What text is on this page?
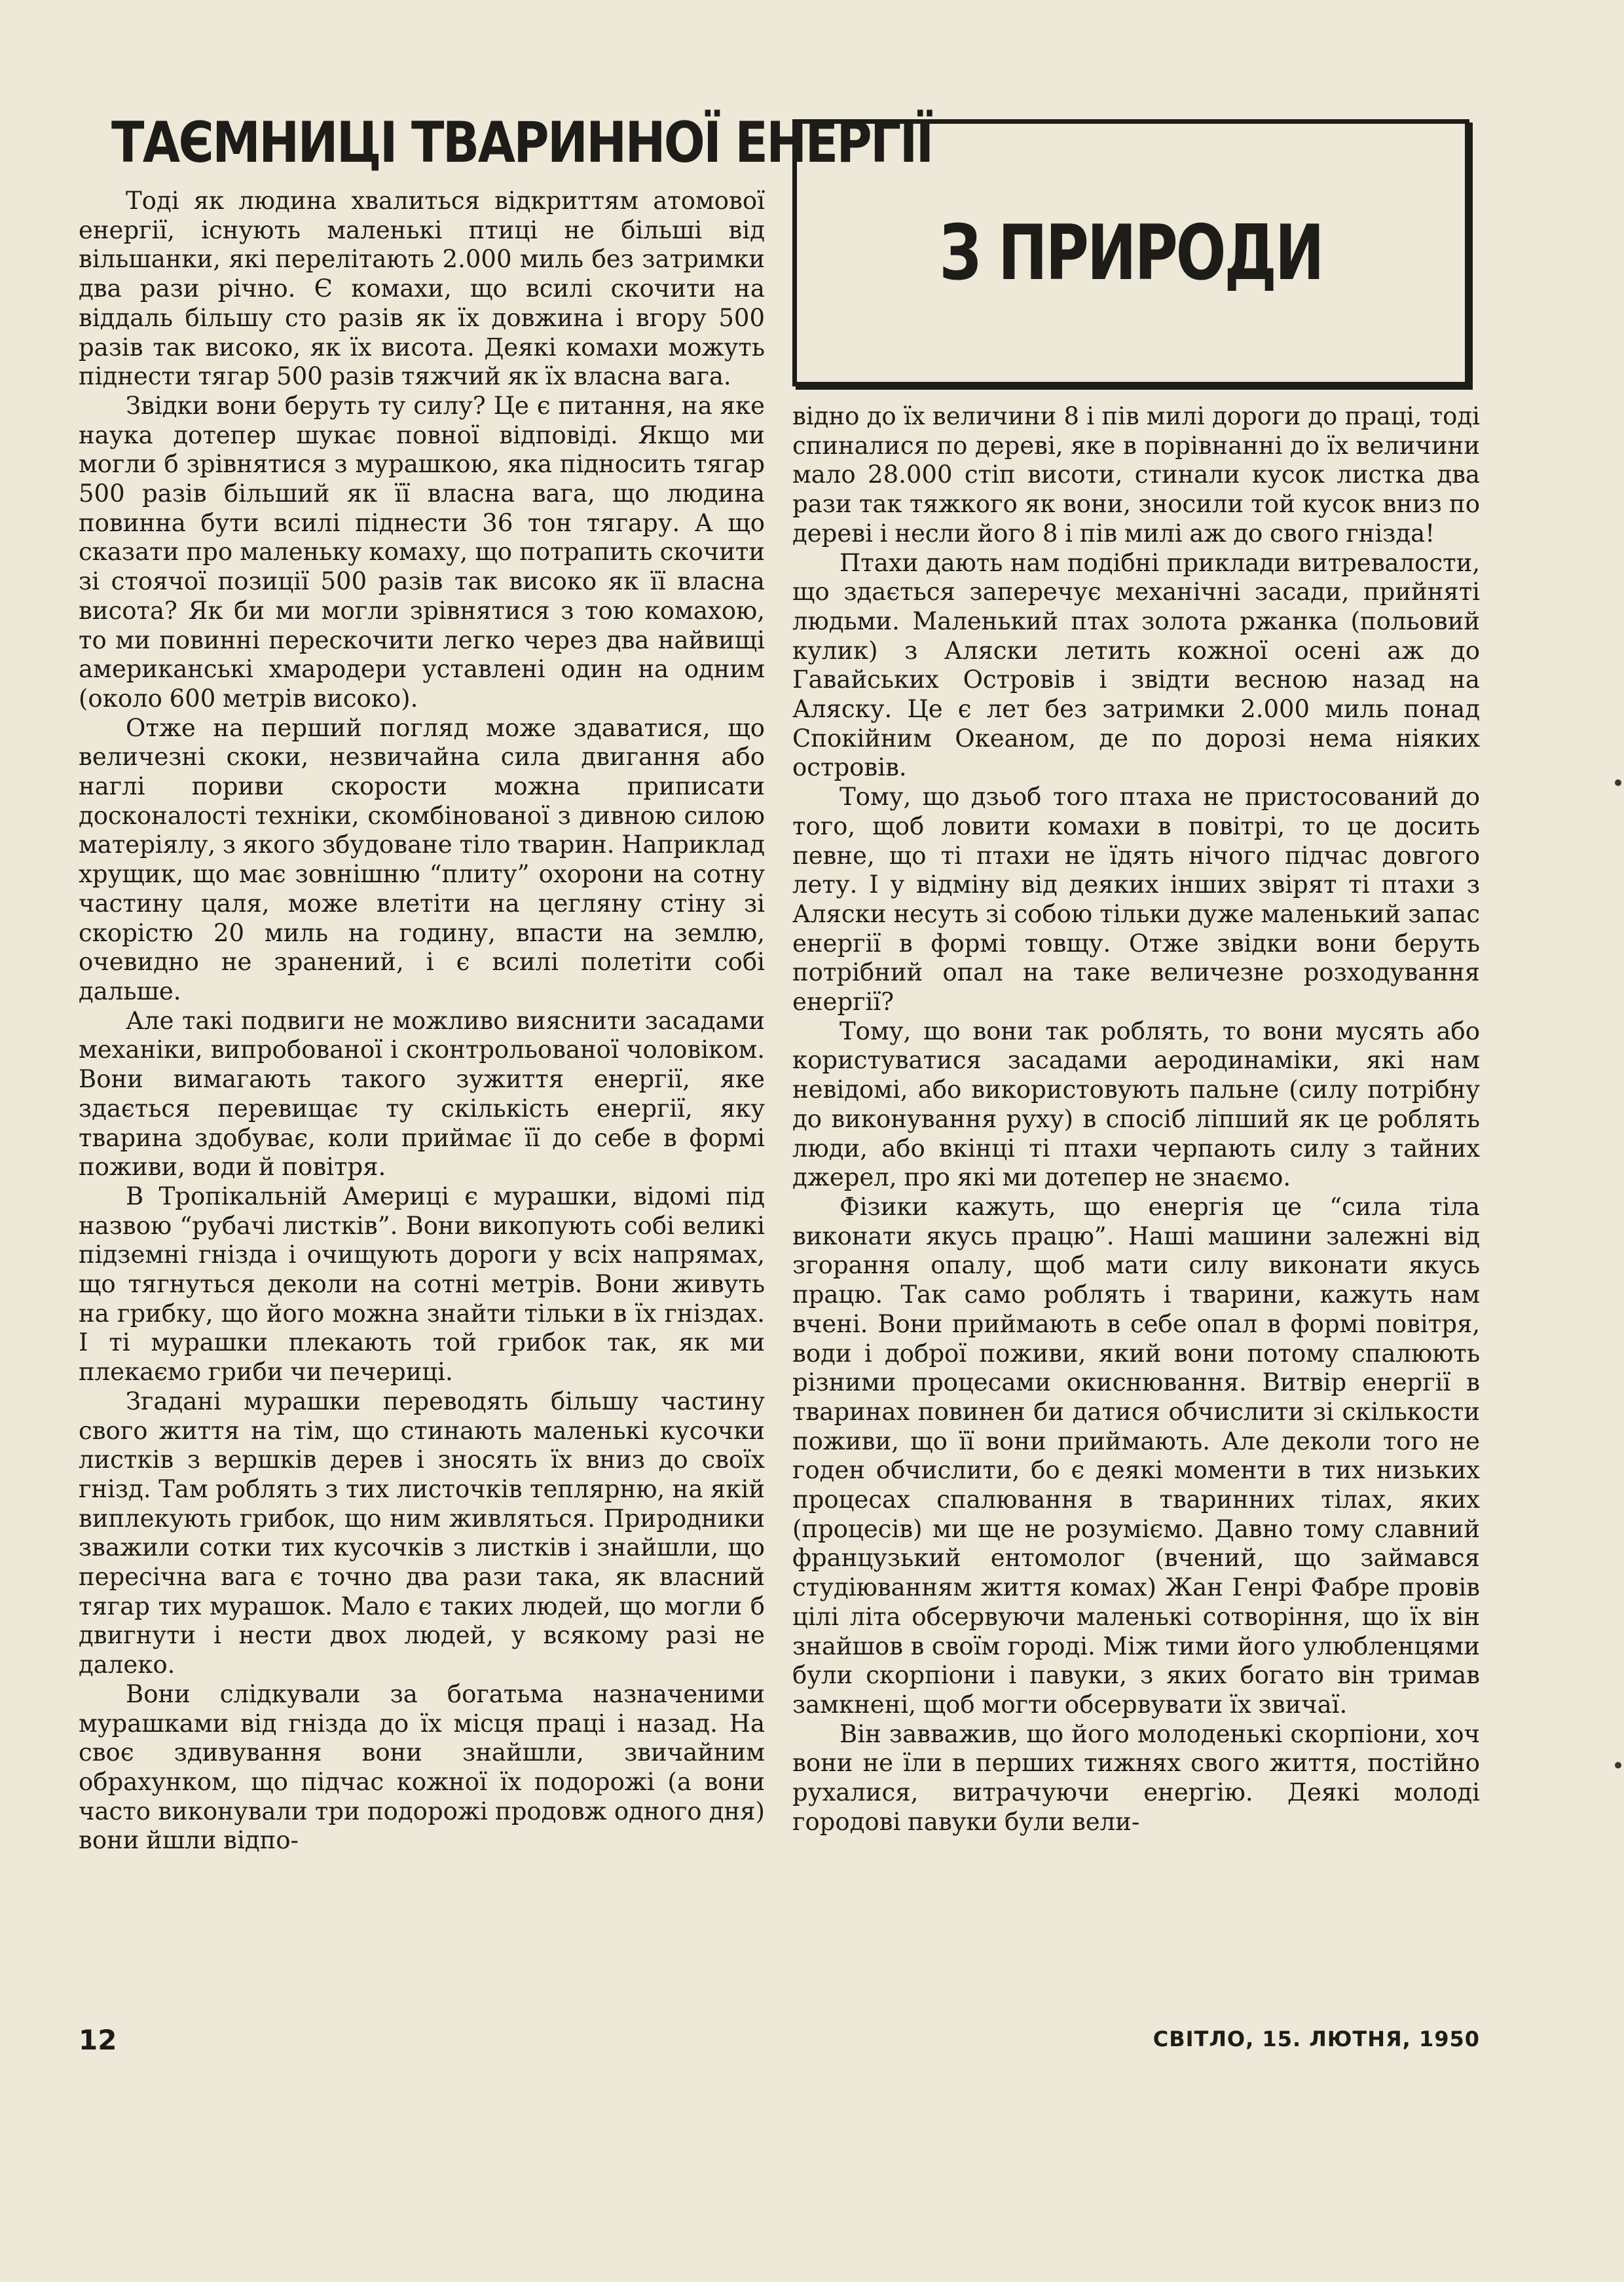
ТАЄМНИЦІ ТВАРИННОЇ ЕНЕРГІЇ
З ПРИРОДИ

Тоді як людина хвалиться відкриттям атомової енергії, існують маленькі птиці не більші від вільшанки, які перелітають 2.000 миль без затримки два рази річно. Є комахи, що всилі скочити на віддаль більшу сто разів як їх довжина і вгору 500 разів так високо, як їх висота. Деякі комахи можуть піднести тягар 500 разів тяжчий як їх власна вага.

Звідки вони беруть ту силу? Це є питання, на яке наука дотепер шукає повної відповіді. Якщо ми могли б зрівнятися з мурашкою, яка підносить тягар 500 разів більший як її власна вага, що людина повинна бути всилі піднести 36 тон тягару. А що сказати про маленьку комаху, що потрапить скочити зі стоячої позиції 500 разів так високо як її власна висота? Як би ми могли зрівнятися з тою комахою, то ми повинні перескочити легко через два найвищі американські хмародери уставлені один на одним (около 600 метрів високо).

Отже на перший погляд може здаватися, що величезні скоки, незвичайна сила двигання або наглі пориви скорости можна приписати досконалості техніки, скомбінованої з дивною силою матеріялу, з якого збудоване тіло тварин. Наприклад хрущик, що має зовнішню “плиту” охорони на сотну частину цаля, може влетіти на цегляну стіну зі скорістю 20 миль на годину, впасти на землю, очевидно не зранений, і є всилі полетіти собі дальше.

Але такі подвиги не можливо вияснити засадами механіки, випробованої і сконтрольованої чоловіком. Вони вимагають такого зужиття енергії, яке здається перевищає ту скількість енергії, яку тварина здобуває, коли приймає її до себе в формі поживи, води й повітря.

В Тропікальній Америці є мурашки, відомі під назвою “рубачі листків”. Вони викопують собі великі підземні гнізда і очищують дороги у всіх напрямах, що тягнуться деколи на сотні метрів. Вони живуть на грибку, що його можна знайти тільки в їх гніздах. І ті мурашки плекають той грибок так, як ми плекаємо гриби чи печериці.

Згадані мурашки переводять більшу частину свого життя на тім, що стинають маленькі кусочки листків з вершків дерев і зносять їх вниз до своїх гнізд. Там роблять з тих листочків теплярню, на якій виплекують грибок, що ним живляться. Природники зважили сотки тих кусочків з листків і знайшли, що пересічна вага є точно два рази така, як власний тягар тих мурашок. Мало є таких людей, що могли б двигнути і нести двох людей, у всякому разі не далеко.

Вони слідкували за богатьма назначеними мурашками від гнізда до їх місця праці і назад. На своє здивування вони знайшли, звичайним обрахунком, що підчас кожної їх подорожі (а вони часто виконували три подорожі продовж одного дня) вони йшли відпо-

відно до їх величини 8 і пів милі дороги до праці, тоді спиналися по дереві, яке в порівнанні до їх величини мало 28.000 стіп висоти, стинали кусок листка два рази так тяжкого як вони, зносили той кусок вниз по дереві і несли його 8 і пів милі аж до свого гнізда!

Птахи дають нам подібні приклади витревалости, що здається заперечує механічні засади, прийняті людьми. Маленький птах золота ржанка (польовий кулик) з Аляски летить кожної осені аж до Гавайських Островів і звідти весною назад на Аляску. Це є лет без затримки 2.000 миль понад Спокійним Океаном, де по дорозі нема ніяких островів.

Тому, що дзьоб того птаха не пристосований до того, щоб ловити комахи в повітрі, то це досить певне, що ті птахи не їдять нічого підчас довгого лету. І у відміну від деяких інших звірят ті птахи з Аляски несуть зі собою тільки дуже маленький запас енергії в формі товщу. Отже звідки вони беруть потрібний опал на таке величезне розходування енергії?

Тому, що вони так роблять, то вони мусять або користуватися засадами аеродинаміки, які нам невідомі, або використовують пальне (силу потрібну до виконування руху) в спосіб ліпший як це роблять люди, або вкінці ті птахи черпають силу з тайних джерел, про які ми дотепер не знаємо.

Фізики кажуть, що енергія це “сила тіла виконати якусь працю”. Наші машини залежні від згорання опалу, щоб мати силу виконати якусь працю. Так само роблять і тварини, кажуть нам вчені. Вони приймають в себе опал в формі повітря, води і доброї поживи, який вони потому спалюють різними процесами окиснювання. Витвір енергії в тваринах повинен би датися обчислити зі скількости поживи, що її вони приймають. Але деколи того не годен обчислити, бо є деякі моменти в тих низьких процесах спалювання в тваринних тілах, яких (процесів) ми ще не розуміємо. Давно тому славний французький ентомолог (вчений, що займався студіюванням життя комах) Жан Генрі Фабре провів цілі літа обсервуючи маленькі сотворіння, що їх він знайшов в своїм городі. Між тими його улюбленцями були скорпіони і павуки, з яких богато він тримав замкнені, щоб могти обсервувати їх звичаї.

Він завважив, що його молоденькі скорпіони, хоч вони не їли в перших тижнях свого життя, постійно рухалися, витрачуючи енергію. Деякі молоді городові павуки були вели-

12	СВІТЛО, 15. ЛЮТНЯ, 1950
